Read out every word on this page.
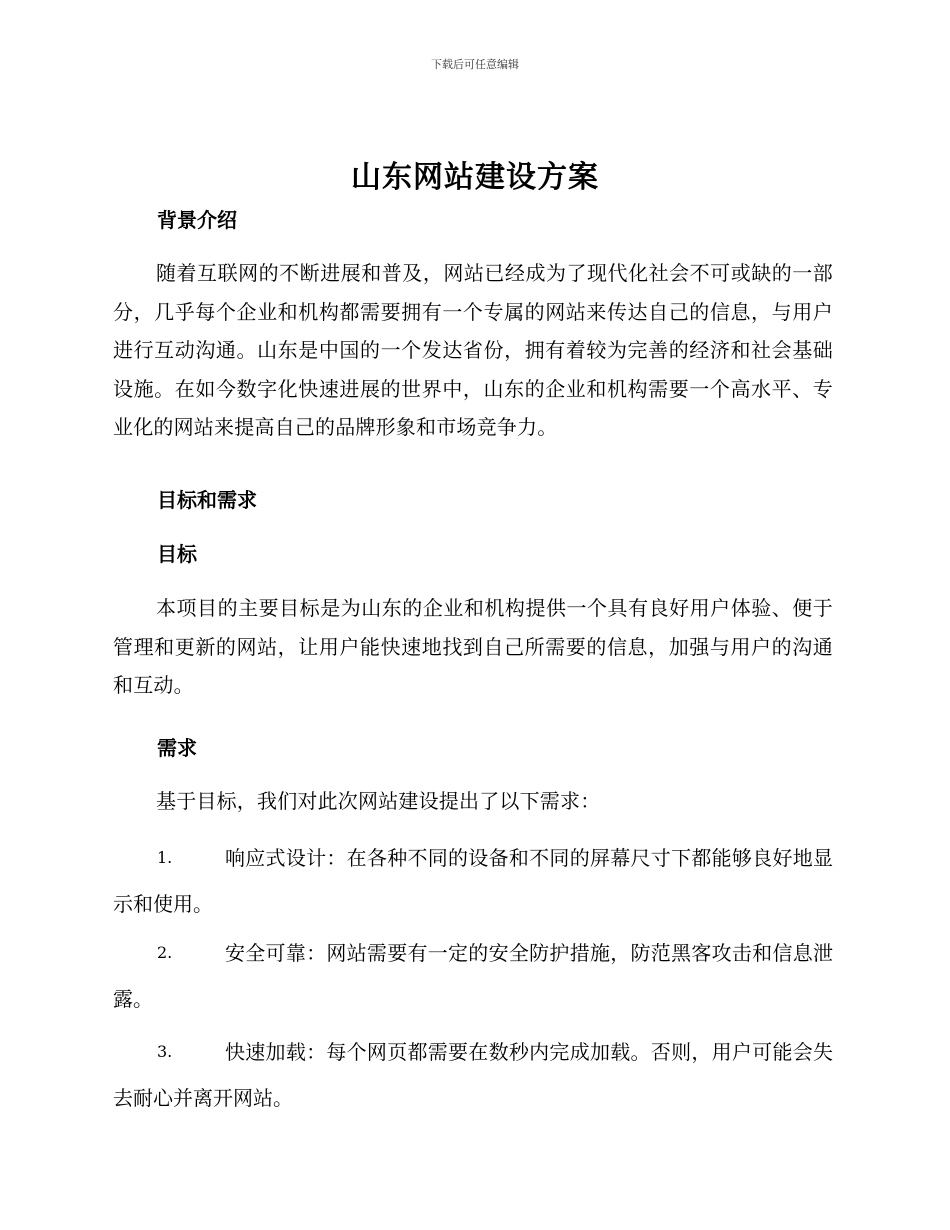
下载后可任意编辑
山东网站建设方案
背景介绍
随着互联网的不断进展和普及，网站已经成为了现代化社会不可或缺的一部分，几乎每个企业和机构都需要拥有一个专属的网站来传达自己的信息，与用户进行互动沟通。山东是中国的一个发达省份，拥有着较为完善的经济和社会基础设施。在如今数字化快速进展的世界中，山东的企业和机构需要一个高水平、专业化的网站来提高自己的品牌形象和市场竞争力。
目标和需求
目标
本项目的主要目标是为山东的企业和机构提供一个具有良好用户体验、便于管理和更新的网站，让用户能快速地找到自己所需要的信息，加强与用户的沟通和互动。
需求
基于目标，我们对此次网站建设提出了以下需求：
1.	响应式设计：在各种不同的设备和不同的屏幕尺寸下都能够良好地显示和使用。
2.	安全可靠：网站需要有一定的安全防护措施，防范黑客攻击和信息泄露。
3.	快速加载：每个网页都需要在数秒内完成加载。否则，用户可能会失去耐心并离开网站。
